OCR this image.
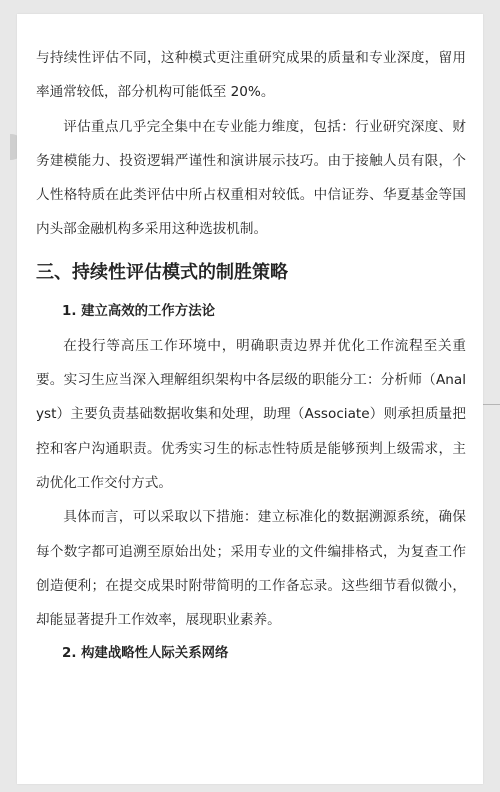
与持续性评估不同，这种模式更注重研究成果的质量和专业深度，留用率通常较低，部分机构可能低至 20%。

评估重点几乎完全集中在专业能力维度，包括：行业研究深度、财务建模能力、投资逻辑严谨性和演讲展示技巧。由于接触人员有限，个人性格特质在此类评估中所占权重相对较低。中信证券、华夏基金等国内头部金融机构多采用这种选拔机制。

三、持续性评估模式的制胜策略
1. 建立高效的工作方法论

在投行等高压工作环境中，明确职责边界并优化工作流程至关重要。实习生应当深入理解组织架构中各层级的职能分工：分析师（Analyst）主要负责基础数据收集和处理，助理（Associate）则承担质量把控和客户沟通职责。优秀实习生的标志性特质是能够预判上级需求，主动优化工作交付方式。

具体而言，可以采取以下措施：建立标准化的数据溯源系统，确保每个数字都可追溯至原始出处；采用专业的文件编排格式，为复查工作创造便利；在提交成果时附带简明的工作备忘录。这些细节看似微小，却能显著提升工作效率，展现职业素养。

2. 构建战略性人际关系网络
